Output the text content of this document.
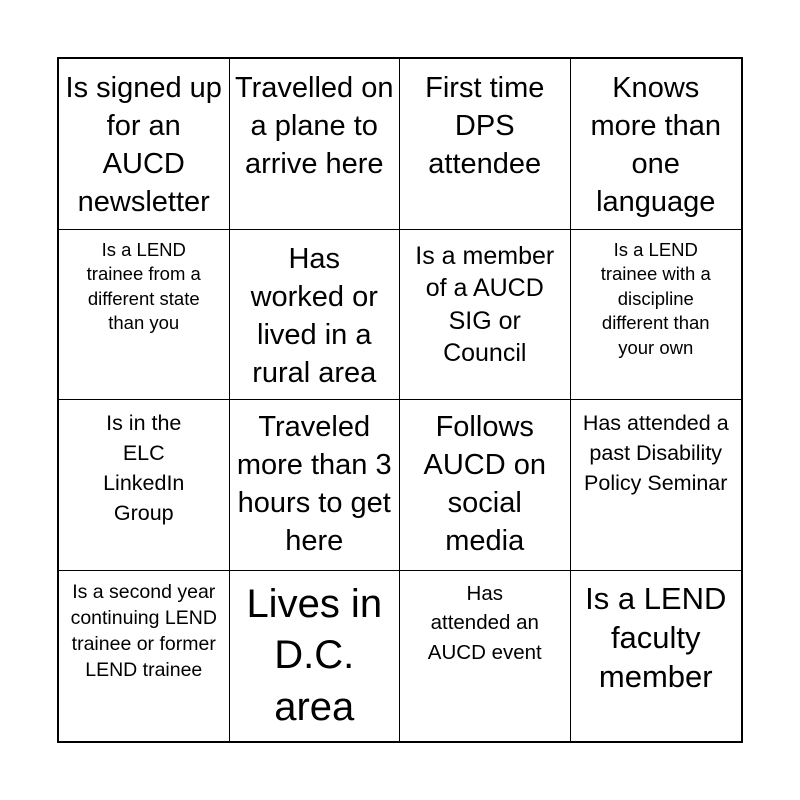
Is signed up for an AUCD newsletter
Travelled on a plane to arrive here
First time DPS attendee
Knows more than one language
Is a LEND trainee from a different state than you
Has worked or lived in a rural area
Is a member of a AUCD SIG or Council
Is a LEND trainee with a discipline different than your own
Is in the ELC LinkedIn Group
Traveled more than 3 hours to get here
Follows AUCD on social media
Has attended a past Disability Policy Seminar
Is a second year continuing LEND trainee or former LEND trainee
Lives in D.C. area
Has attended an AUCD event
Is a LEND faculty member
